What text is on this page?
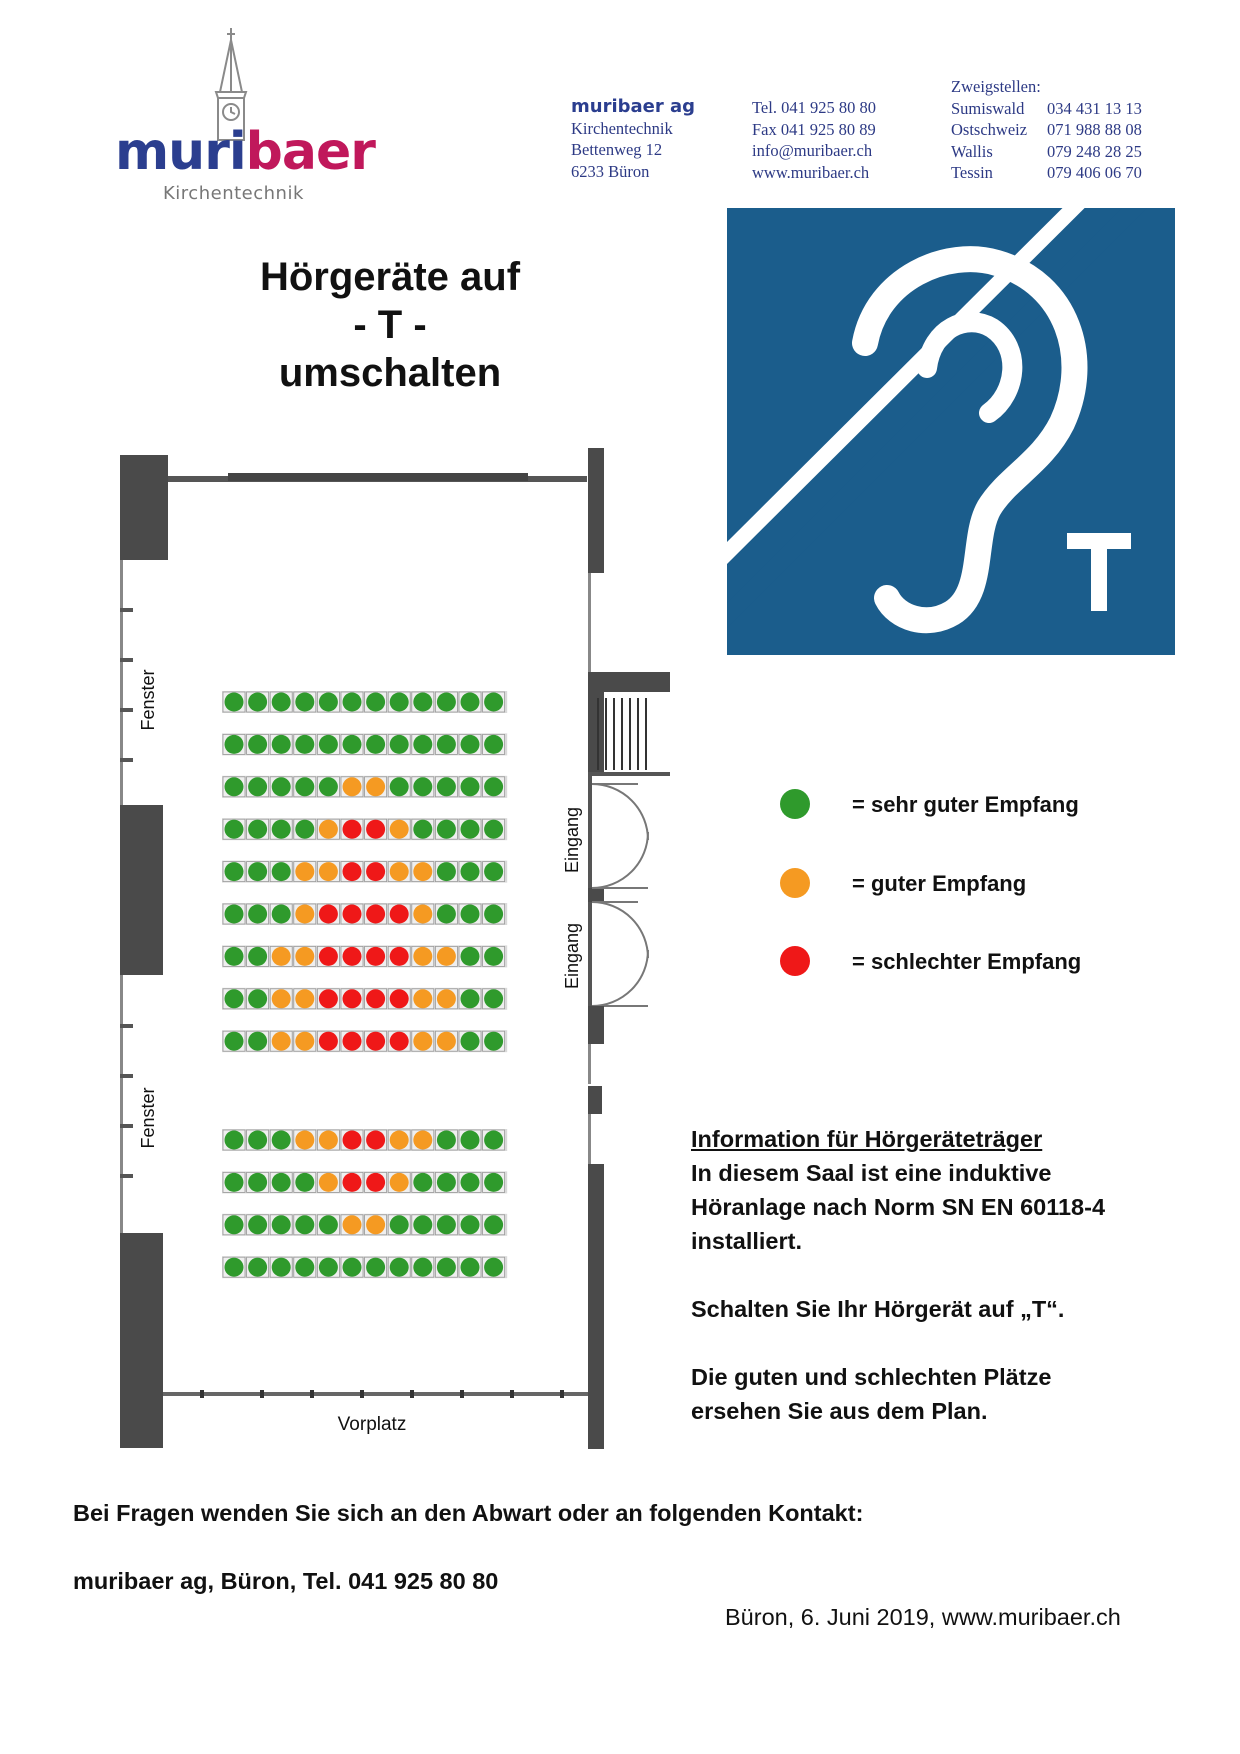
muribaer
Kirchentechnik
muribaer ag
Kirchentechnik
Bettenweg 12
6233 Büron
Tel. 041 925 80 80
Fax 041 925 80 89
info@muribaer.ch
www.muribaer.ch
Zweigstellen:
Sumiswald 034 431 13 13
Ostschweiz 071 988 88 08
Wallis	079 248 28 25
Tessin	079 406 06 70
Hörgeräte auf
- T -
umschalten
Fenster
Fenster
Eingang
Eingang
Vorplatz
= sehr guter Empfang
= guter Empfang
= schlechter Empfang

Information für Hörgeräteträger

In diesem Saal ist eine induktive

Höranlage nach Norm SN EN 60118-4

installiert.

Schalten Sie Ihr Hörgerät auf „T“.

Die guten und schlechten Plätze

ersehen Sie aus dem Plan.

Bei Fragen wenden Sie sich an den Abwart oder an folgenden Kontakt:
muribaer ag, Büron, Tel. 041 925 80 80
Büron, 6. Juni 2019, www.muribaer.ch
